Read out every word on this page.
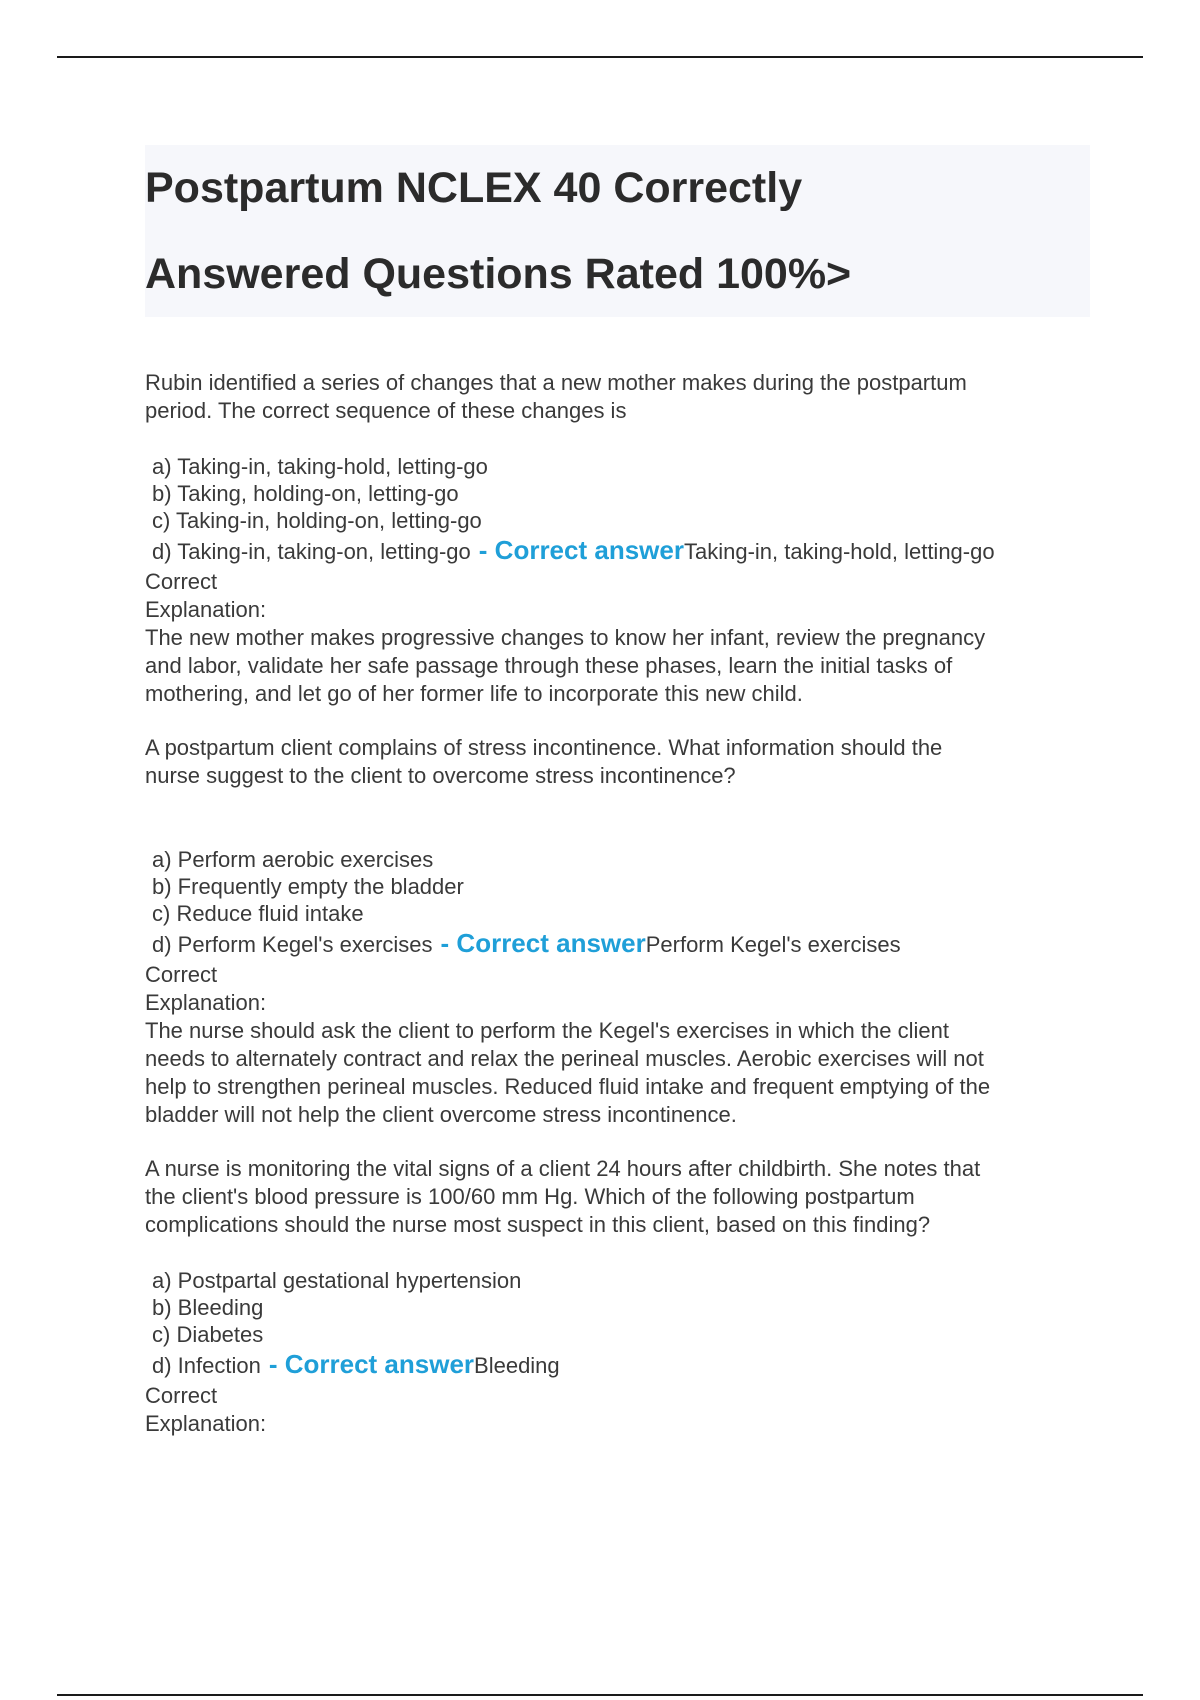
Postpartum NCLEX 40 Correctly

Answered Questions Rated 100%>

Rubin identified a series of changes that a new mother makes during the postpartum

period. The correct sequence of these changes is

a) Taking-in, taking-hold, letting-go

b) Taking, holding-on, letting-go

c) Taking-in, holding-on, letting-go

d) Taking-in, taking-on, letting-go - Correct answerTaking-in, taking-hold, letting-go

Correct

Explanation:

The new mother makes progressive changes to know her infant, review the pregnancy

and labor, validate her safe passage through these phases, learn the initial tasks of

mothering, and let go of her former life to incorporate this new child.

A postpartum client complains of stress incontinence. What information should the

nurse suggest to the client to overcome stress incontinence?

a) Perform aerobic exercises

b) Frequently empty the bladder

c) Reduce fluid intake

d) Perform Kegel's exercises - Correct answerPerform Kegel's exercises

Correct

Explanation:

The nurse should ask the client to perform the Kegel's exercises in which the client

needs to alternately contract and relax the perineal muscles. Aerobic exercises will not

help to strengthen perineal muscles. Reduced fluid intake and frequent emptying of the

bladder will not help the client overcome stress incontinence.

A nurse is monitoring the vital signs of a client 24 hours after childbirth. She notes that

the client's blood pressure is 100/60 mm Hg. Which of the following postpartum

complications should the nurse most suspect in this client, based on this finding?

a) Postpartal gestational hypertension

b) Bleeding

c) Diabetes

d) Infection - Correct answerBleeding

Correct

Explanation:
